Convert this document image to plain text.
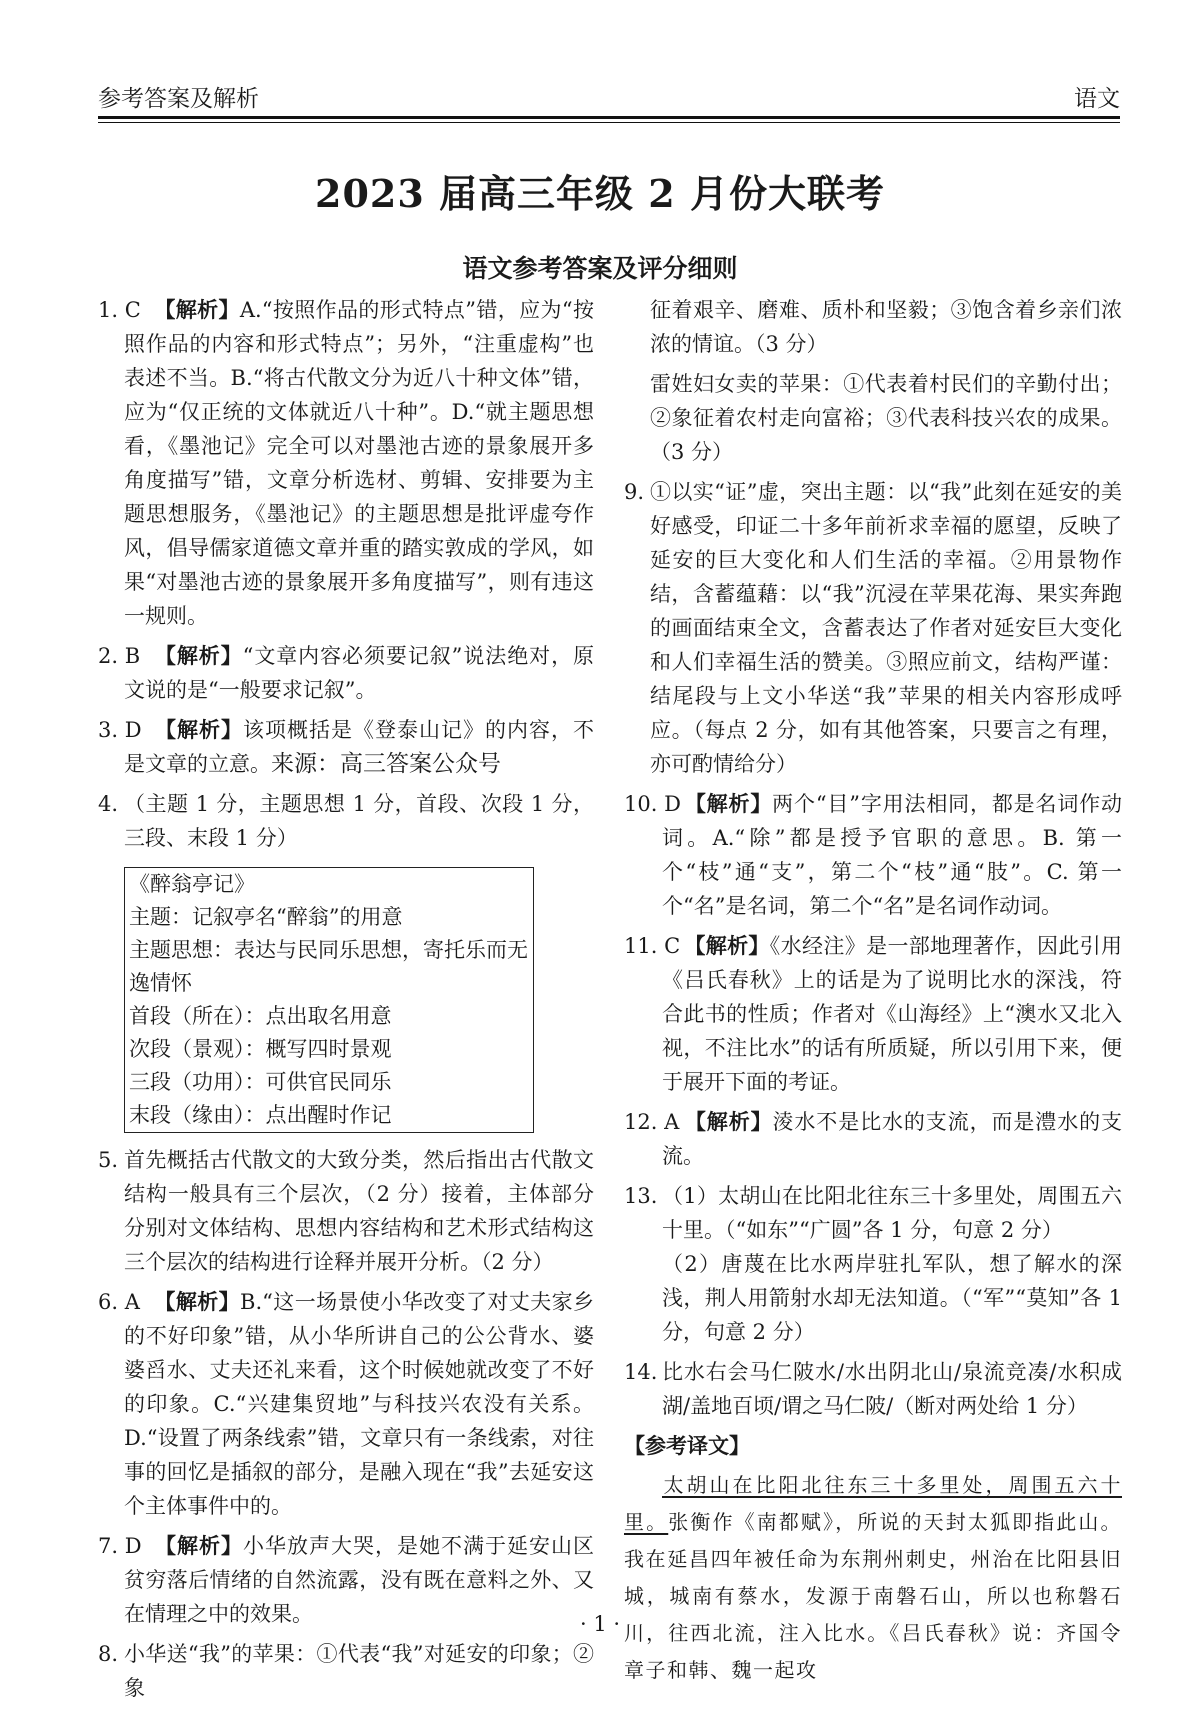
参考答案及解析	语文
2023 届高三年级 2 月份大联考
语文参考答案及评分细则
1. C 【解析】A.“按照作品的形式特点”错，应为“按照作品的内容和形式特点”；另外，“注重虚构”也表述不当。B.“将古代散文分为近八十种文体”错，应为“仅正统的文体就近八十种”。D.“就主题思想看，《墨池记》完全可以对墨池古迹的景象展开多角度描写”错，文章分析选材、剪辑、安排要为主题思想服务，《墨池记》的主题思想是批评虚夸作风，倡导儒家道德文章并重的踏实敦成的学风，如果“对墨池古迹的景象展开多角度描写”，则有违这一规则。
2. B 【解析】“文章内容必须要记叙”说法绝对，原文说的是“一般要求记叙”。
3. D 【解析】该项概括是《登泰山记》的内容，不是文章的立意。来源：高三答案公众号
4. （主题 1 分，主题思想 1 分，首段、次段 1 分，三段、末段 1 分）
《醉翁亭记》
主题：记叙亭名“醉翁”的用意
主题思想：表达与民同乐思想，寄托乐而无逸情怀
首段（所在）：点出取名用意
次段（景观）：概写四时景观
三段（功用）：可供官民同乐
末段（缘由）：点出醒时作记
5. 首先概括古代散文的大致分类，然后指出古代散文结构一般具有三个层次，（2 分）接着，主体部分分别对文体结构、思想内容结构和艺术形式结构这三个层次的结构进行诠释并展开分析。（2 分）
6. A 【解析】B.“这一场景使小华改变了对丈夫家乡的不好印象”错，从小华所讲自己的公公背水、婆婆舀水、丈夫还礼来看，这个时候她就改变了不好的印象。C.“兴建集贸地”与科技兴农没有关系。D.“设置了两条线索”错，文章只有一条线索，对往事的回忆是插叙的部分，是融入现在“我”去延安这个主体事件中的。
7. D 【解析】小华放声大哭，是她不满于延安山区贫穷落后情绪的自然流露，没有既在意料之外、又在情理之中的效果。
8. 小华送“我”的苹果：①代表“我”对延安的印象；②象
征着艰辛、磨难、质朴和坚毅；③饱含着乡亲们浓浓的情谊。（3 分）
雷姓妇女卖的苹果：①代表着村民们的辛勤付出；②象征着农村走向富裕；③代表科技兴农的成果。（3 分）
9. ①以实“证”虚，突出主题：以“我”此刻在延安的美好感受，印证二十多年前祈求幸福的愿望，反映了延安的巨大变化和人们生活的幸福。②用景物作结，含蓄蕴藉：以“我”沉浸在苹果花海、果实奔跑的画面结束全文，含蓄表达了作者对延安巨大变化和人们幸福生活的赞美。③照应前文，结构严谨：结尾段与上文小华送“我”苹果的相关内容形成呼应。（每点 2 分，如有其他答案，只要言之有理，亦可酌情给分）
10. D 【解析】两个“目”字用法相同，都是名词作动词。A.“除”都是授予官职的意思。B. 第一个“枝”通“支”，第二个“枝”通“肢”。C. 第一个“名”是名词，第二个“名”是名词作动词。
11. C 【解析】《水经注》是一部地理著作，因此引用《吕氏春秋》上的话是为了说明比水的深浅，符合此书的性质；作者对《山海经》上“澳水又北入视，不注比水”的话有所质疑，所以引用下来，便于展开下面的考证。
12. A 【解析】淩水不是比水的支流，而是澧水的支流。
13. （1）太胡山在比阳北往东三十多里处，周围五六十里。（“如东”“广圆”各 1 分，句意 2 分）
（2）唐蔑在比水两岸驻扎军队，想了解水的深浅，荆人用箭射水却无法知道。（“军”“莫知”各 1 分，句意 2 分）
14. 比水右会马仁陂水/水出阴北山/泉流竞凑/水积成湖/盖地百顷/谓之马仁陂/（断对两处给 1 分）
【参考译文】
太胡山在比阳北往东三十多里处，周围五六十里。张衡作《南都赋》，所说的天封太狐即指此山。我在延昌四年被任命为东荆州刺史，州治在比阳县旧城，城南有蔡水，发源于南磐石山，所以也称磐石川，往西北流，注入比水。《吕氏春秋》说：齐国令章子和韩、魏一起攻
· 1 ·
